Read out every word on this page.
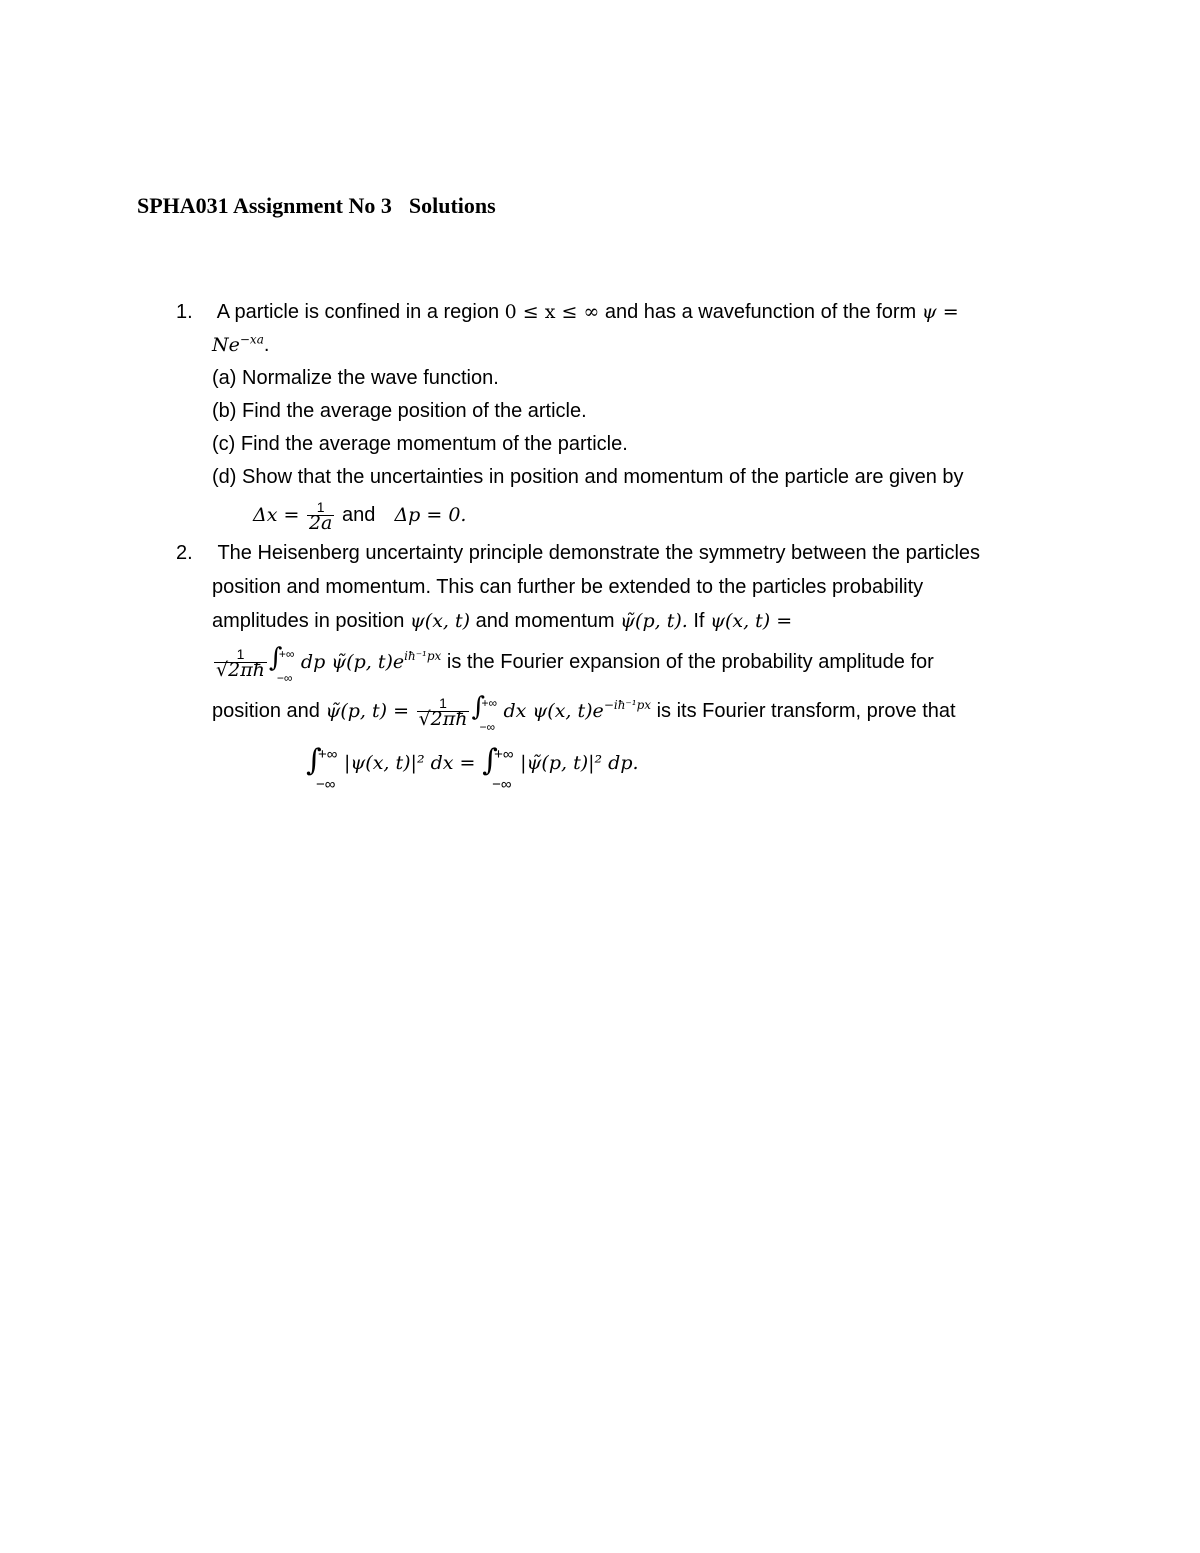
SPHA031 Assignment No 3 Solutions
1. A particle is confined in a region 0 ≤ x ≤ ∞ and has a wavefunction of the form ψ =
$Ne^{-xa}$.
(a) Normalize the wave function.
(b) Find the average position of the article.
(c) Find the average momentum of the particle.
(d) Show that the uncertainties in position and momentum of the particle are given by
$\Delta x = \frac{1}{2a}$ and Δp = 0.
2. The Heisenberg uncertainty principle demonstrate the symmetry between the particles
position and momentum. This can further be extended to the particles probability
amplitudes in position ψ(x, t) and momentum ψ̃(p, t). If ψ(x, t) =
$\frac{1}{√2\pi ħ}$ ∫
+∞
−∞
dp ψ̃(p, $t)e^{iħ^{-1}px}$ is the Fourier expansion of the probability amplitude for
position and ψ̃(p, $t) = \frac{1}{√2\pi ħ}$ ∫
+∞
−∞
dx ψ(x, $t)e^{-iħ^{-1}px}$ is its Fourier transform, prove that
∫
+∞
−∞
|ψ(x, t)|² dx = ∫
+∞
−∞
|ψ̃(p, t)|² dp.
